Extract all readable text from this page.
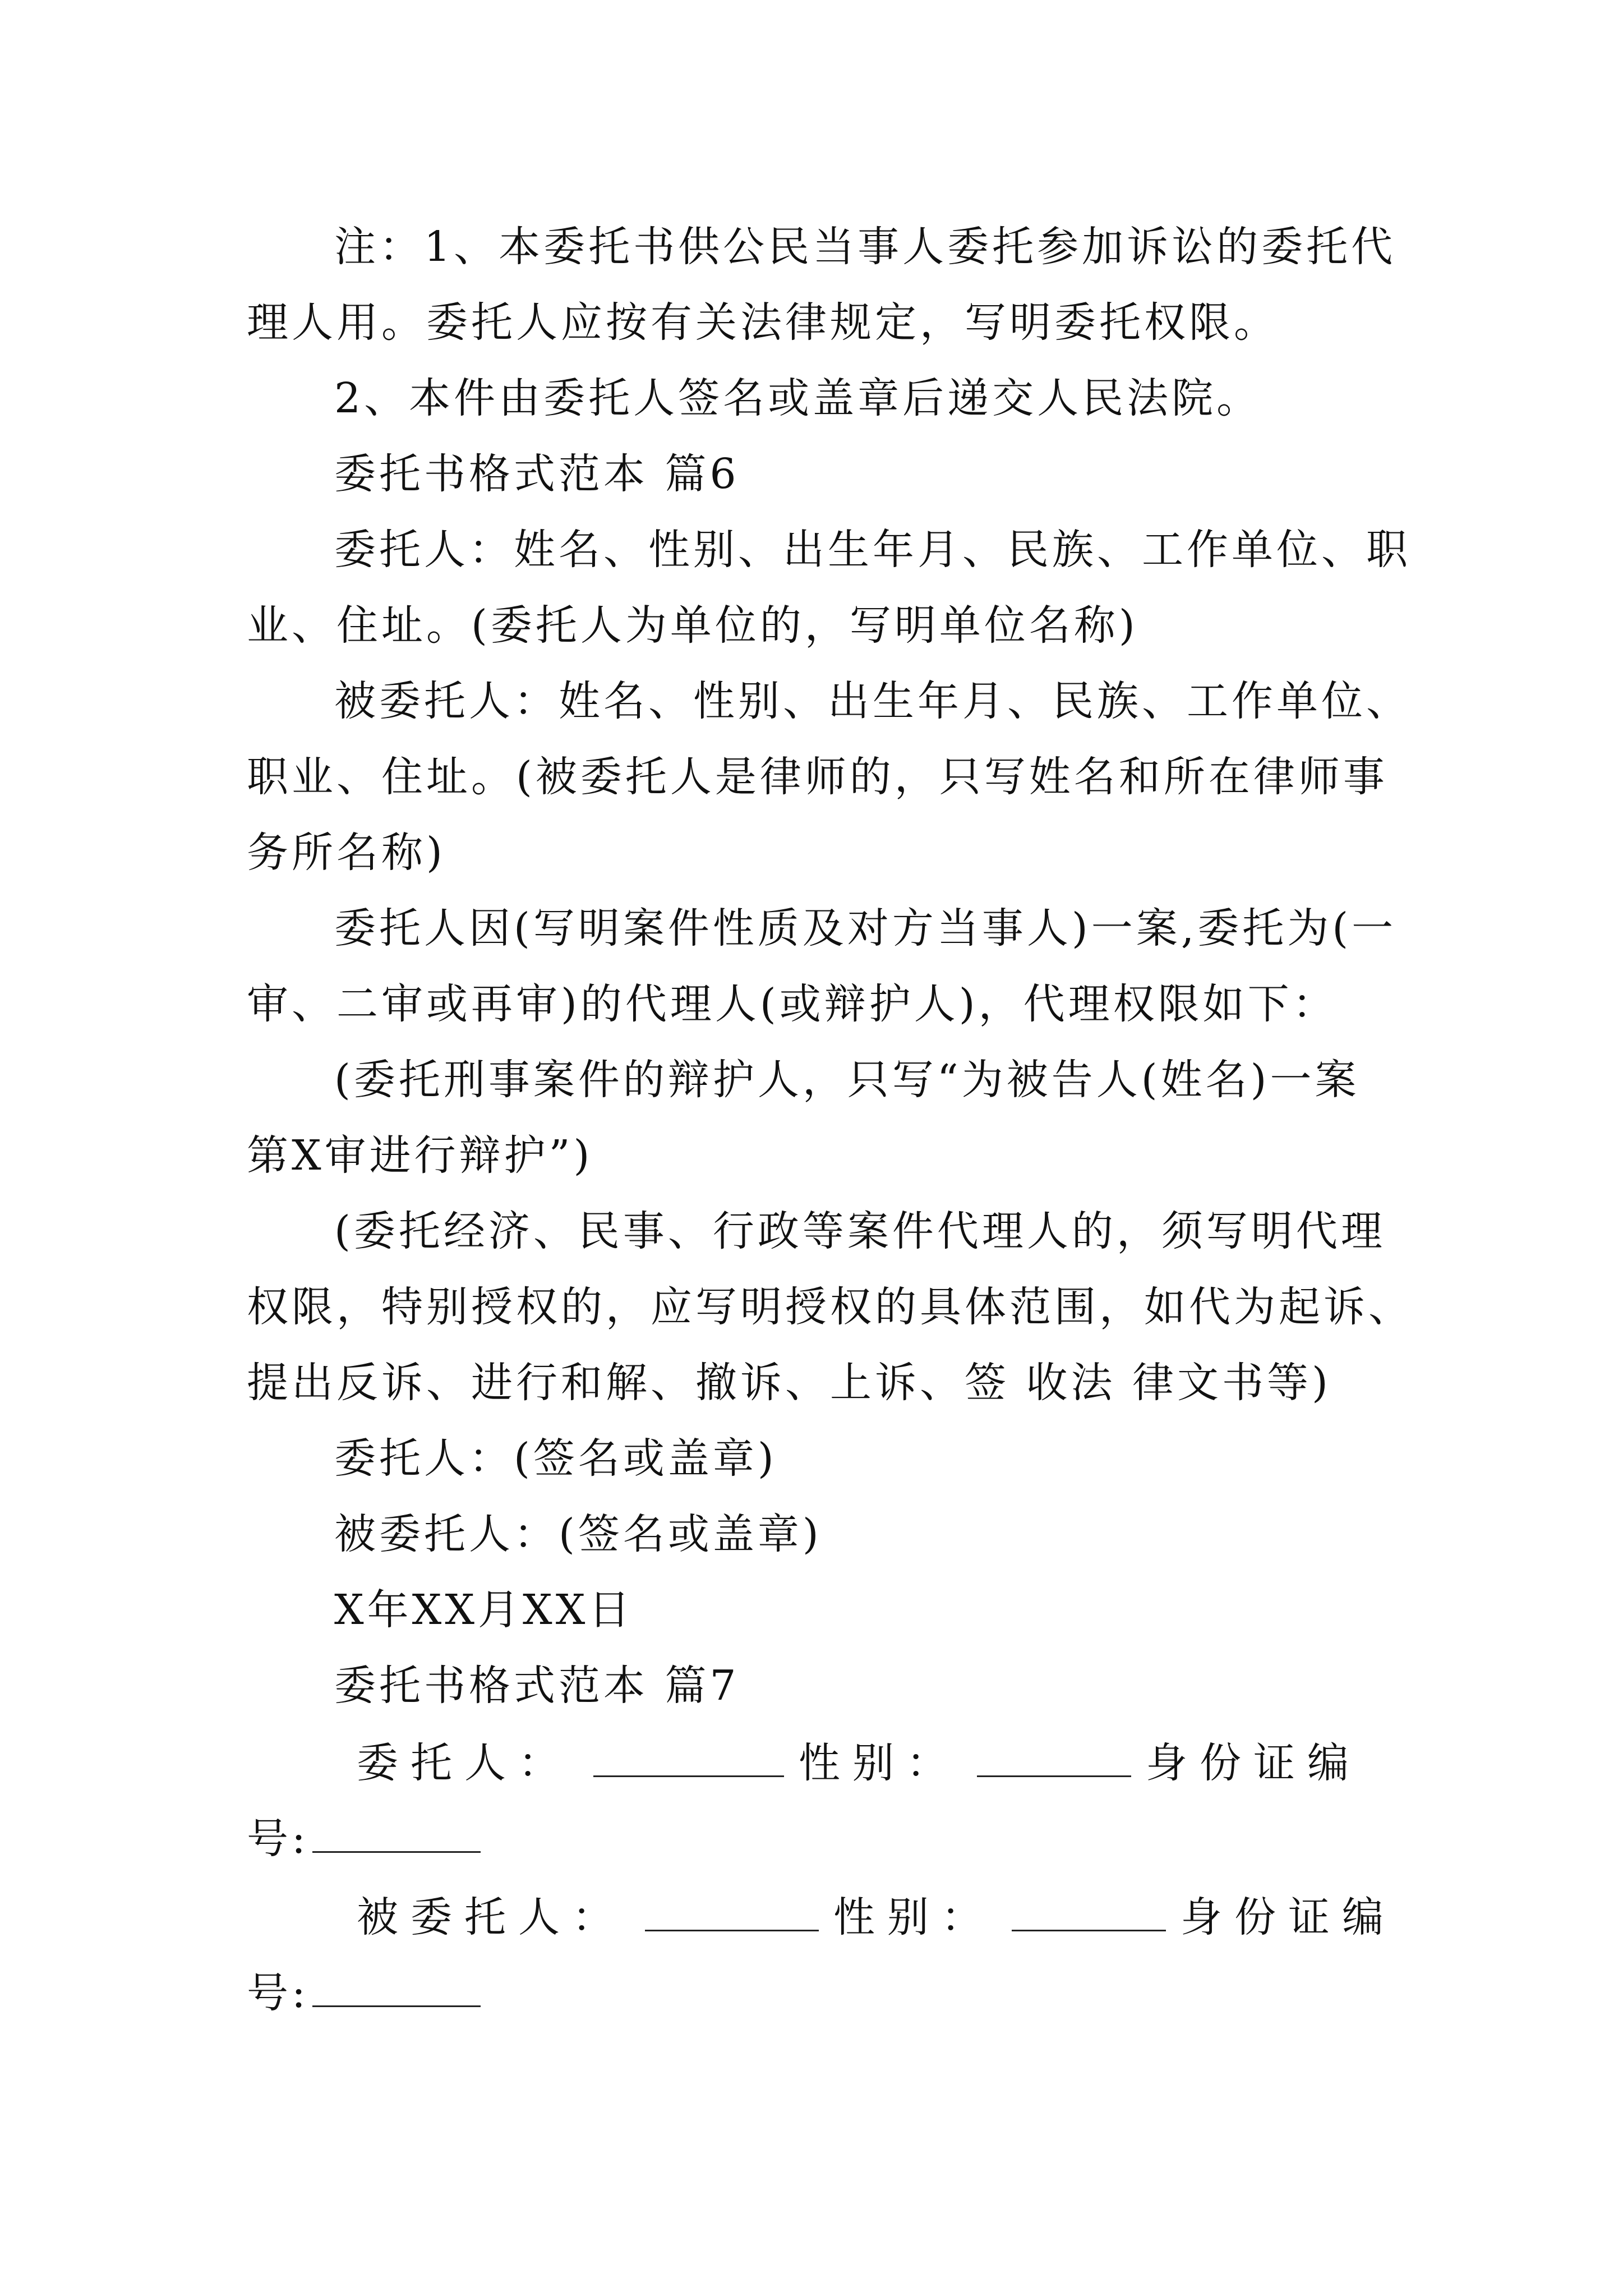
注：1、本委托书供公民当事人委托参加诉讼的委托代
理人用。委托人应按有关法律规定，写明委托权限。
2、本件由委托人签名或盖章后递交人民法院。
委托书格式范本 篇6
委托人：姓名、性别、出生年月、民族、工作单位、职
业、住址。(委托人为单位的，写明单位名称)
被委托人：姓名、性别、出生年月、民族、工作单位、
职业、住址。(被委托人是律师的，只写姓名和所在律师事
务所名称)
委托人因(写明案件性质及对方当事人)一案,委托为(一
审、二审或再审)的代理人(或辩护人)，代理权限如下：
(委托刑事案件的辩护人，只写“为被告人(姓名)一案
第X审进行辩护”)
(委托经济、民事、行政等案件代理人的，须写明代理
权限，特别授权的，应写明授权的具体范围，如代为起诉、
提出反诉、进行和解、撤诉、上诉、签 收法 律文书等)
委托人：(签名或盖章)
被委托人：(签名或盖章)
X年XX月XX日
委托书格式范本 篇7
委托人：	性别：	身份证编
号:
被委托人：	性别：	身份证编
号:
